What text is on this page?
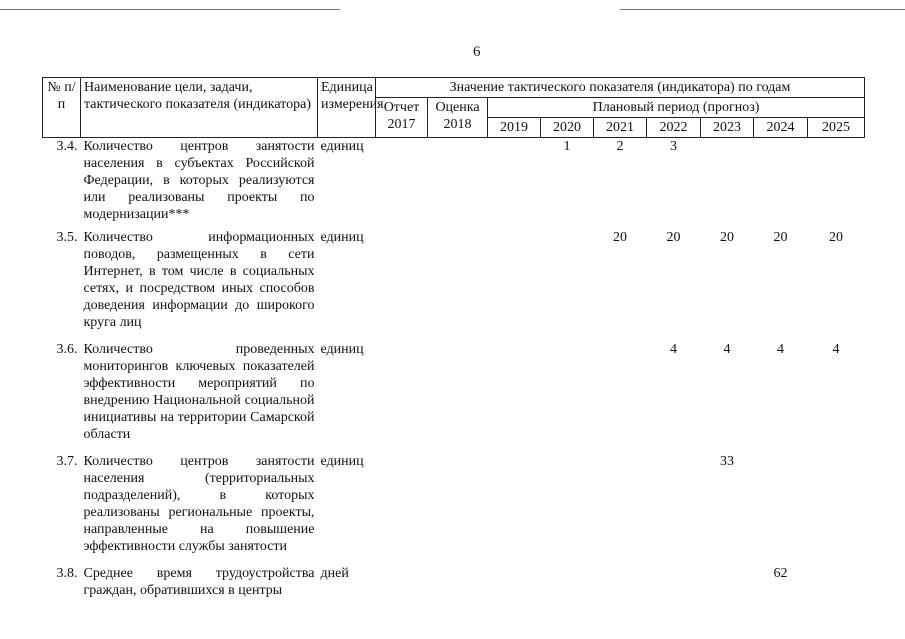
6
№ п/п	Наименование цели, задачи, тактического показателя (индикатора)	Единица измерения	Значение тактического показателя (индикатора) по годам								
			Отчет 2017	Оценка 2018	Плановый период (прогноз)						
					2019	2020	2021	2022	2023	2024	2025
3.4.	Количество центров занятости населения в субъектах Российской Федерации, в которых реализуются или реализованы проекты по модернизации***	единиц				1	2	3			
3.5.	Количество информационных поводов, размещенных в сети Интернет, в том числе в социальных сетях, и посредством иных способов доведения информации до широкого круга лиц	единиц					20	20	20	20	20
3.6.	Количество проведенных мониторингов ключевых показателей эффективности мероприятий по внедрению Национальной социальной инициативы на территории Самарской области	единиц						4	4	4	4
3.7.	Количество центров занятости населения (территориальных подразделений), в которых реализованы региональные проекты, направленные на повышение эффективности службы занятости	единиц							33		
3.8.	Среднее время трудоустройства граждан, обратившихся в центры	дней								62	
